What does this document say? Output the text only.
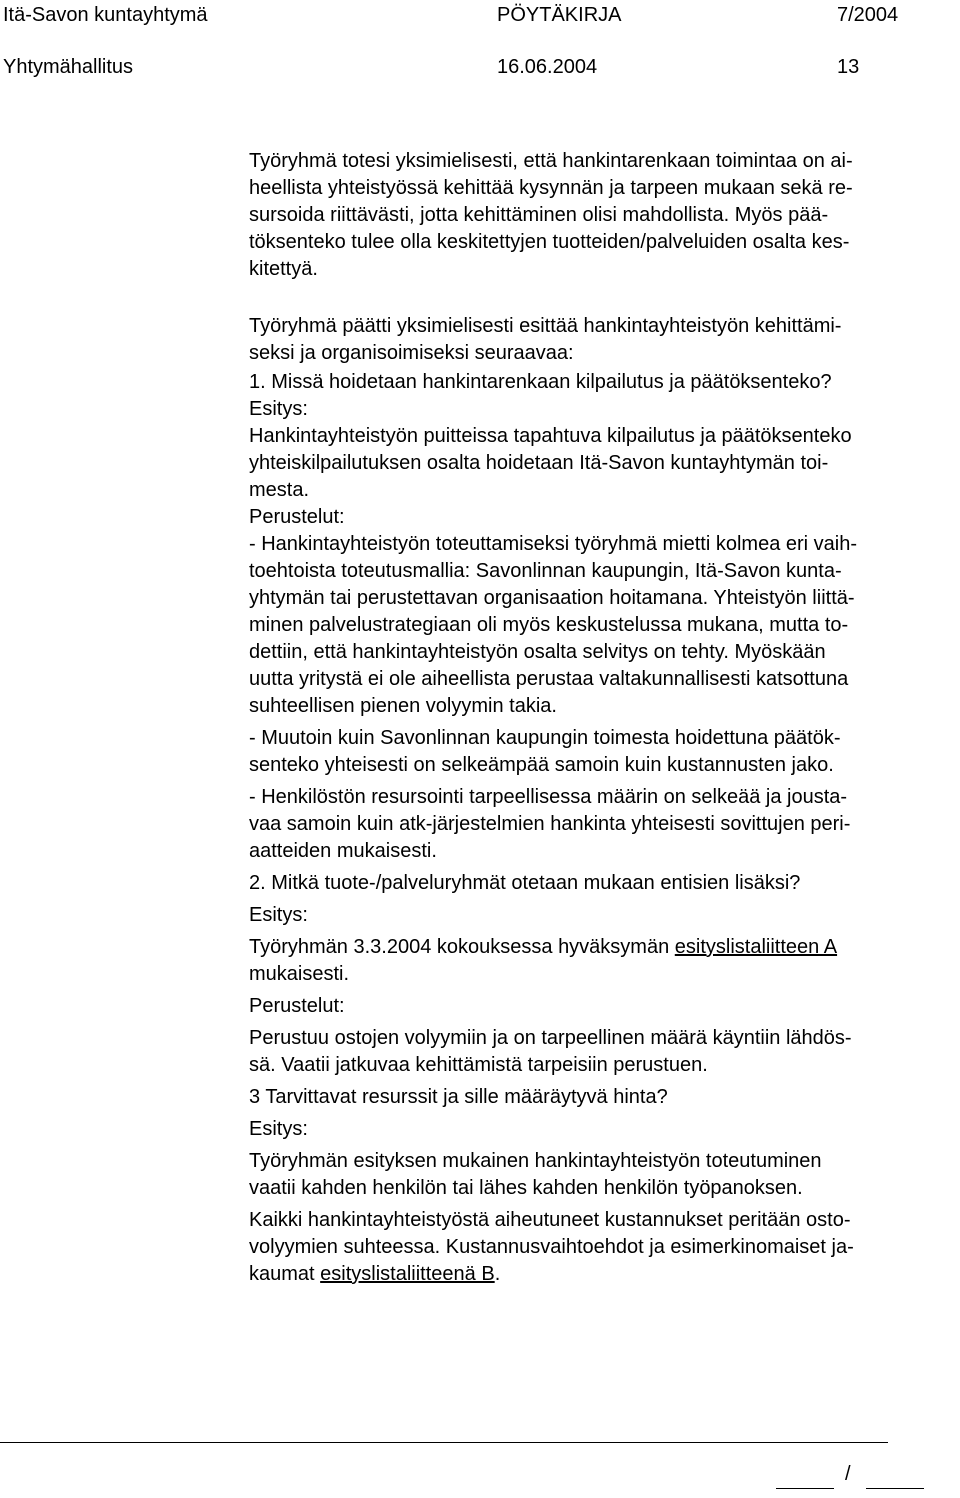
Itä-Savon kuntayhtymä	PÖYTÄKIRJA	7/2004
Yhtymähallitus	16.06.2004	13

Työryhmä totesi yksimielisesti, että hankintarenkaan toimintaa on ai-

heellista yhteistyössä kehittää kysynnän ja tarpeen mukaan sekä re-

sursoida riittävästi, jotta kehittäminen olisi mahdollista. Myös pää-

töksenteko tulee olla keskitettyjen tuotteiden/palveluiden osalta kes-

kitettyä.

Työryhmä päätti yksimielisesti esittää hankintayhteistyön kehittämi-

seksi ja organisoimiseksi seuraavaa:

1. Missä hoidetaan hankintarenkaan kilpailutus ja päätöksenteko?

Esitys:

Hankintayhteistyön puitteissa tapahtuva kilpailutus ja päätöksenteko

yhteiskilpailutuksen osalta hoidetaan Itä-Savon kuntayhtymän toi-

mesta.

Perustelut:

- Hankintayhteistyön toteuttamiseksi työryhmä mietti kolmea eri vaih-

toehtoista toteutusmallia: Savonlinnan kaupungin, Itä-Savon kunta-

yhtymän tai perustettavan organisaation hoitamana. Yhteistyön liittä-

minen palvelustrategiaan oli myös keskustelussa mukana, mutta to-

dettiin, että hankintayhteistyön osalta selvitys on tehty. Myöskään

uutta yritystä ei ole aiheellista perustaa valtakunnallisesti katsottuna

suhteellisen pienen volyymin takia.

- Muutoin kuin Savonlinnan kaupungin toimesta hoidettuna päätök-

senteko yhteisesti on selkeämpää samoin kuin kustannusten jako.

- Henkilöstön resursointi tarpeellisessa määrin on selkeää ja jousta-

vaa samoin kuin atk-järjestelmien hankinta yhteisesti sovittujen peri-

aatteiden mukaisesti.

2. Mitkä tuote-/palveluryhmät otetaan mukaan entisien lisäksi?

Esitys:

Työryhmän 3.3.2004 kokouksessa hyväksymän esityslistaliitteen A

mukaisesti.

Perustelut:

Perustuu ostojen volyymiin ja on tarpeellinen määrä käyntiin lähdös-

sä. Vaatii jatkuvaa kehittämistä tarpeisiin perustuen.

3 Tarvittavat resurssit ja sille määräytyvä hinta?

Esitys:

Työryhmän esityksen mukainen hankintayhteistyön toteutuminen

vaatii kahden henkilön tai lähes kahden henkilön työpanoksen.

Kaikki hankintayhteistyöstä aiheutuneet kustannukset peritään osto-

volyymien suhteessa. Kustannusvaihtoehdot ja esimerkinomaiset ja-

kaumat esityslistaliitteenä B.

/
